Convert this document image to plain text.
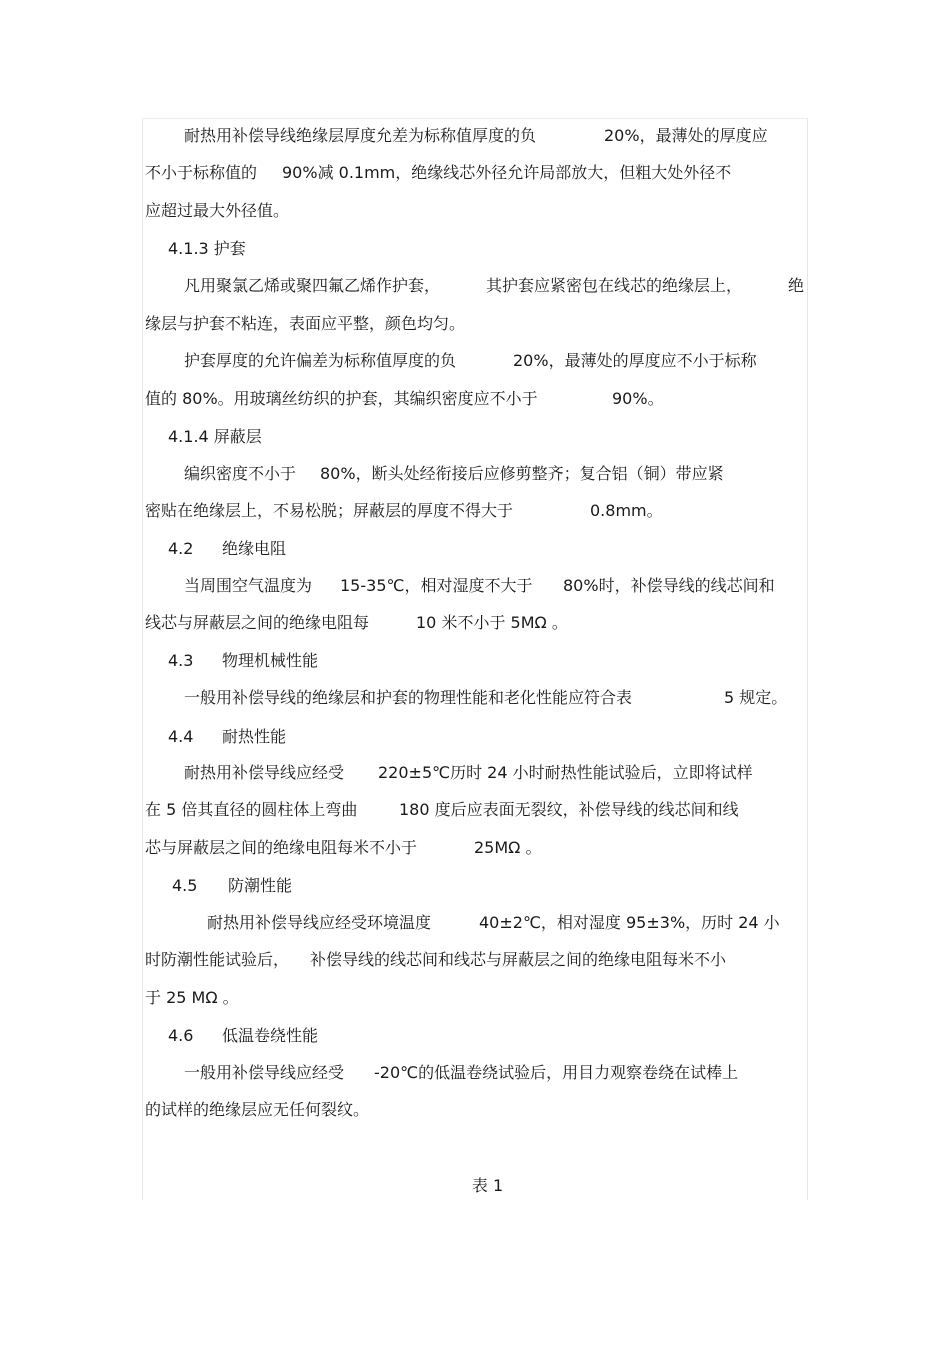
耐热用补偿导线绝缘层厚度允差为标称值厚度的负	20%，最薄处的厚度应
不小于标称值的 90%减 0.1mm，绝缘线芯外径允许局部放大，但粗大处外径不
应超过最大外径值。
4.1.3 护套
凡用聚氯乙烯或聚四氟乙烯作护套，	其护套应紧密包在线芯的绝缘层上，	绝
缘层与护套不粘连，表面应平整，颜色均匀。
护套厚度的允许偏差为标称值厚度的负	20%，最薄处的厚度应不小于标称
值的 80%。用玻璃丝纺织的护套，其编织密度应不小于	90%。
4.1.4 屏蔽层
编织密度不小于 80%，断头处经衔接后应修剪整齐；复合铝（铜）带应紧
密贴在绝缘层上，不易松脱；屏蔽层的厚度不得大于	0.8mm。
4.2 绝缘电阻
当周围空气温度为 15-35℃，相对湿度不大于 80%时，补偿导线的线芯间和
线芯与屏蔽层之间的绝缘电阻每	10 米不小于 5MΩ 。
4.3 物理机械性能
一般用补偿导线的绝缘层和护套的物理性能和老化性能应符合表	5 规定。
4.4 耐热性能
耐热用补偿导线应经受 220±5℃历时 24 小时耐热性能试验后，立即将试样
在 5 倍其直径的圆柱体上弯曲	180 度后应表面无裂纹，补偿导线的线芯间和线
芯与屏蔽层之间的绝缘电阻每米不小于	25MΩ 。
4.5 防潮性能
耐热用补偿导线应经受环境温度	40±2℃，相对湿度 95±3%，历时 24 小
时防潮性能试验后， 补偿导线的线芯间和线芯与屏蔽层之间的绝缘电阻每米不小
于 25 MΩ 。
4.6 低温卷绕性能
一般用补偿导线应经受 -20℃的低温卷绕试验后，用目力观察卷绕在试棒上
的试样的绝缘层应无任何裂纹。
表 1
